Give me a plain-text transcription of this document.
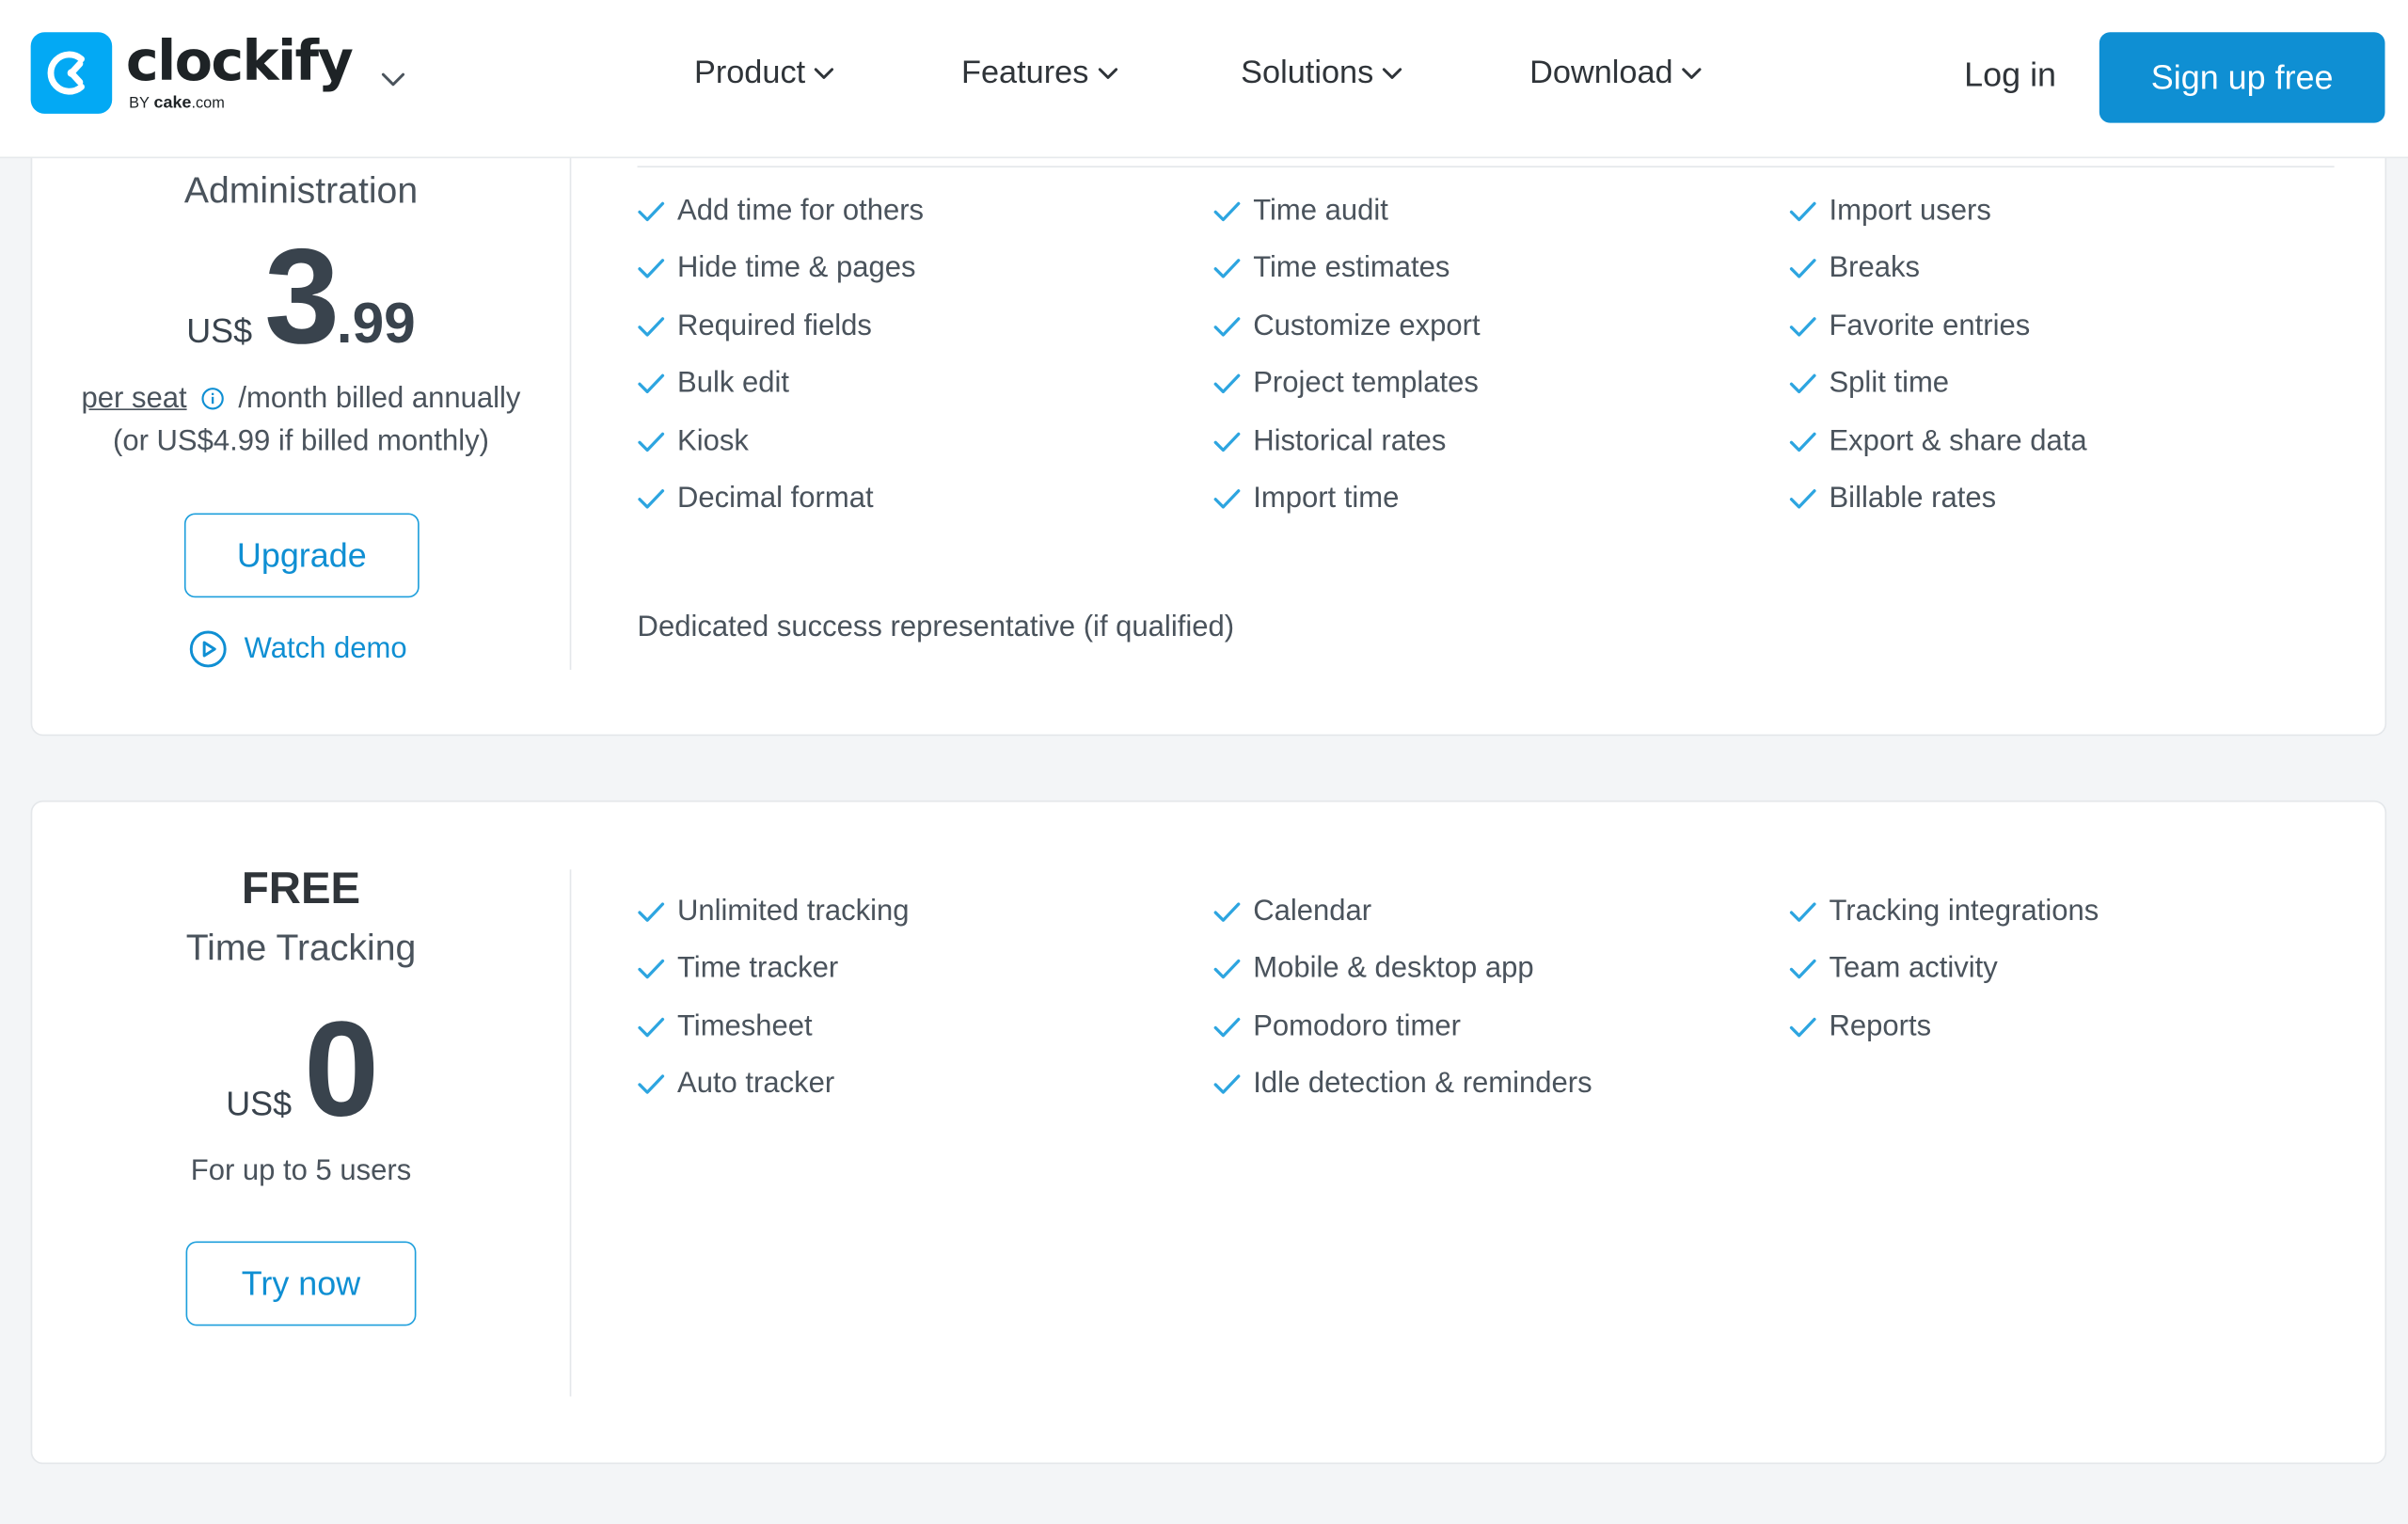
Administration
US$ 3 .99
per seat	/month billed annually
(or US$4.99 if billed monthly)
Upgrade
Watch demo
Add time for others
Hide time & pages
Required fields
Bulk edit
Kiosk
Decimal format
Time audit
Time estimates
Customize export
Project templates
Historical rates
Import time
Import users
Breaks
Favorite entries
Split time
Export & share data
Billable rates
Dedicated success representative (if qualified)
FREE
Time Tracking
US$ 0
For up to 5 users
Try now
Unlimited tracking
Time tracker
Timesheet
Auto tracker
Calendar
Mobile & desktop app
Pomodoro timer
Idle detection & reminders
Tracking integrations
Team activity
Reports
clockify
BY cake.com
Product	Features	Solutions	Download	Log in	Sign up free
